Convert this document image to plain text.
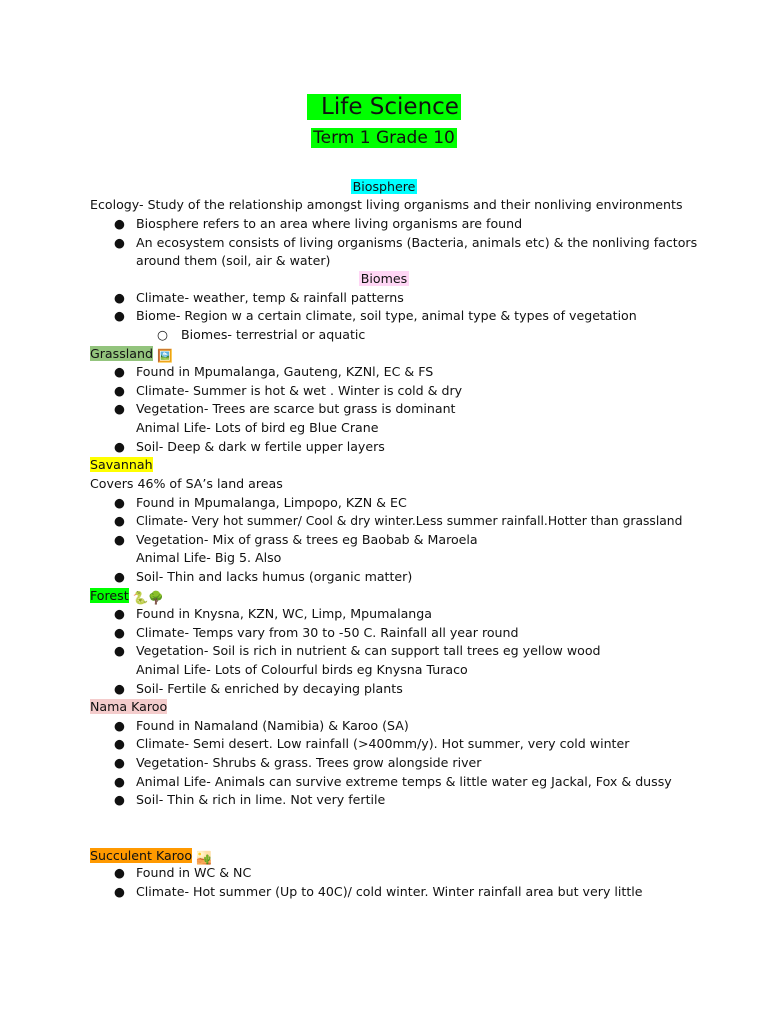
Life Science
Term 1 Grade 10
Biosphere
Ecology- Study of the relationship amongst living organisms and their nonliving environments
● Biosphere refers to an area where living organisms are found
● An ecosystem consists of living organisms (Bacteria, animals etc) & the nonliving factors
around them (soil, air & water)
Biomes
● Climate- weather, temp & rainfall patterns
● Biome- Region w a certain climate, soil type, animal type & types of vegetation
○ Biomes- terrestrial or aquatic
Grassland 🖼️
● Found in Mpumalanga, Gauteng, KZNl, EC & FS
● Climate- Summer is hot & wet . Winter is cold & dry
● Vegetation- Trees are scarce but grass is dominant
Animal Life- Lots of bird eg Blue Crane
● Soil- Deep & dark w fertile upper layers
Savannah
Covers 46% of SA’s land areas
● Found in Mpumalanga, Limpopo, KZN & EC
● Climate- Very hot summer/ Cool & dry winter.Less summer rainfall.Hotter than grassland
● Vegetation- Mix of grass & trees eg Baobab & Maroela
Animal Life- Big 5. Also
● Soil- Thin and lacks humus (organic matter)
Forest 🐍🌳
● Found in Knysna, KZN, WC, Limp, Mpumalanga
● Climate- Temps vary from 30 to -50 C. Rainfall all year round
● Vegetation- Soil is rich in nutrient & can support tall trees eg yellow wood
Animal Life- Lots of Colourful birds eg Knysna Turaco
● Soil- Fertile & enriched by decaying plants
Nama Karoo
● Found in Namaland (Namibia) & Karoo (SA)
● Climate- Semi desert. Low rainfall (>400mm/y). Hot summer, very cold winter
● Vegetation- Shrubs & grass. Trees grow alongside river
● Animal Life- Animals can survive extreme temps & little water eg Jackal, Fox & dussy
● Soil- Thin & rich in lime. Not very fertile
Succulent Karoo 🏜️
● Found in WC & NC
● Climate- Hot summer (Up to 40C)/ cold winter. Winter rainfall area but very little
